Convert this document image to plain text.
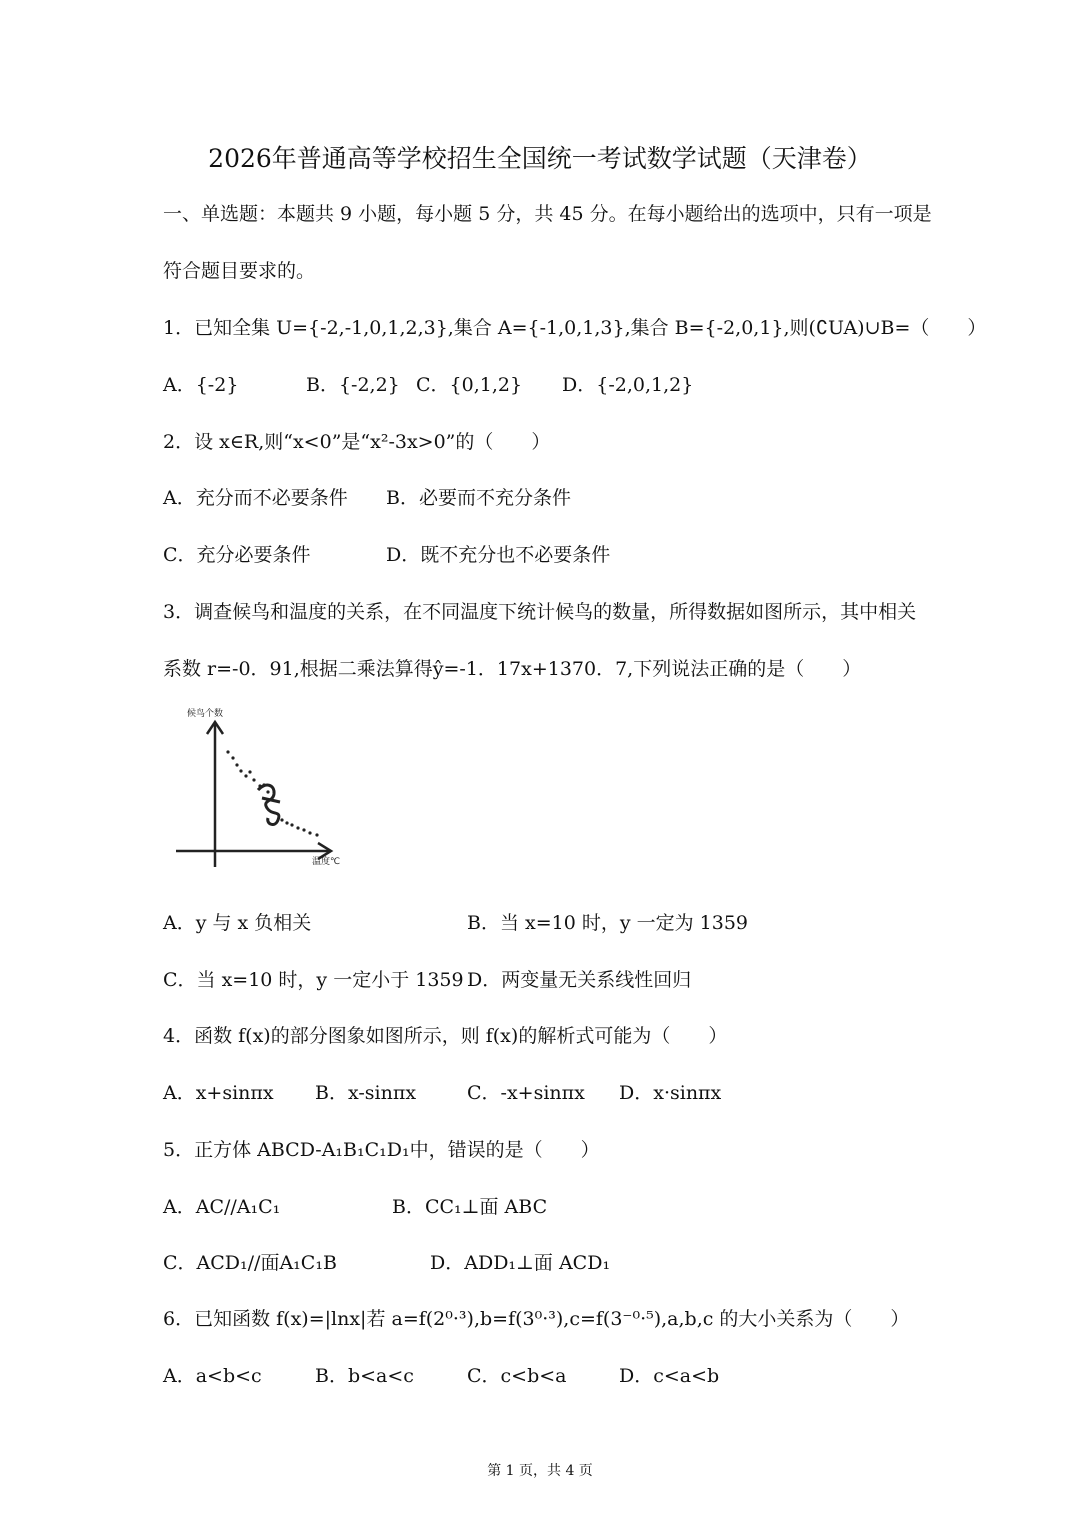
2026年普通高等学校招生全国统一考试数学试题（天津卷）
一、单选题：本题共 9 小题，每小题 5 分，共 45 分。在每小题给出的选项中，只有一项是
符合题目要求的。
1．已知全集 U={-2,-1,0,1,2,3},集合 A={-1,0,1,3},集合 B={-2,0,1},则(∁UA)∪B=（　　）
A．{-2}	B．{-2,2} C．{0,1,2} D．{-2,0,1,2}
2．设 x∈R,则“x<0”是“x²-3x>0”的（　　）
A．充分而不必要条件 B．必要而不充分条件
C．充分必要条件	D．既不充分也不必要条件
3．调查候鸟和温度的关系，在不同温度下统计候鸟的数量，所得数据如图所示，其中相关
系数 r=-0．91,根据二乘法算得ŷ=-1．17x+1370．7,下列说法正确的是（　　）
候鸟个数
温度℃
A．y 与 x 负相关	B．当 x=10 时，y 一定为 1359
C．当 x=10 时，y 一定小于 1359 D．两变量无关系线性回归
4．函数 f(x)的部分图象如图所示，则 f(x)的解析式可能为（　　）
A．x+sinπx B．x-sinπx	C．-x+sinπx D．x·sinπx
5．正方体 ABCD-A₁B₁C₁D₁中，错误的是（　　）
A．AC//A₁C₁	B．CC₁⊥面 ABC
C．ACD₁//面A₁C₁B	D．ADD₁⊥面 ACD₁
6．已知函数 f(x)=|lnx|若 a=f(2⁰·³),b=f(3⁰·³),c=f(3⁻⁰·⁵),a,b,c 的大小关系为（　　）
A．a<b<c	B．b<a<c	C．c<b<a	D．c<a<b
第 1 页，共 4 页
